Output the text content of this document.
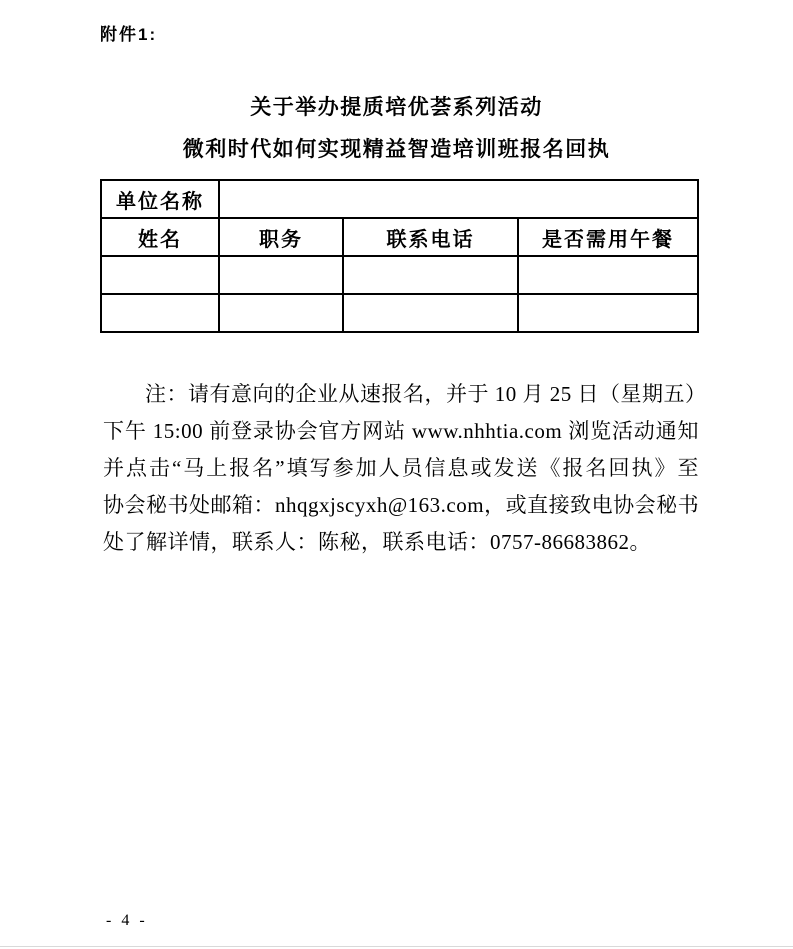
附件1:
关于举办提质培优荟系列活动
微利时代如何实现精益智造培训班报名回执
单位名称			
姓名	职务	联系电话	是否需用午餐

注：请有意向的企业从速报名，并于 10 月 25 日（星期五）
下午 15:00 前登录协会官方网站 www.nhhtia.com 浏览活动通知
并点击“马上报名”填写参加人员信息或发送《报名回执》至
协会秘书处邮箱：nhqgxjscyxh@163.com，或直接致电协会秘书
处了解详情，联系人：陈秘，联系电话：0757-86683862。
- 4 -
